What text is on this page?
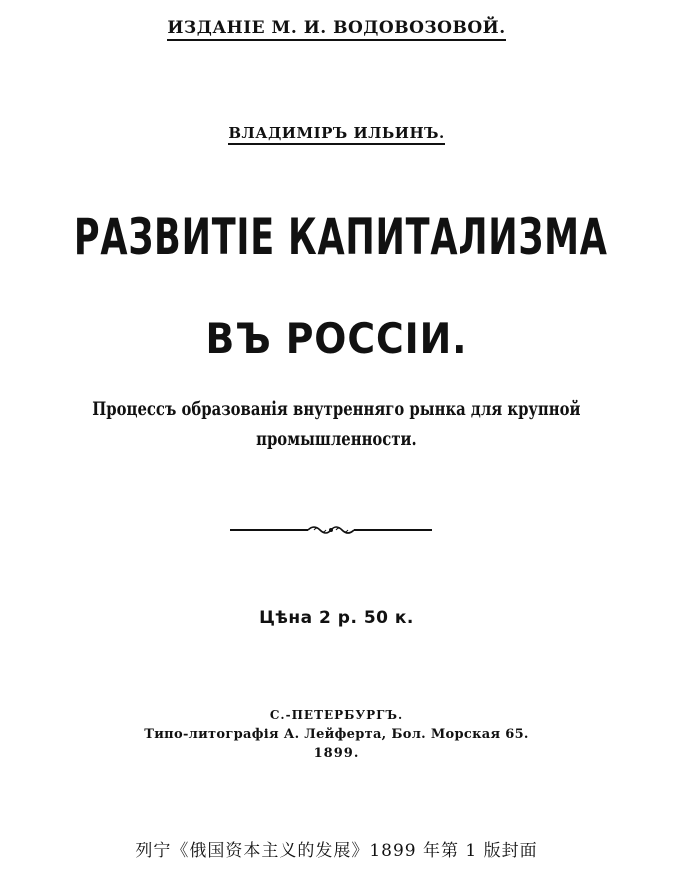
ИЗДАНІЕ М. И. ВОДОВОЗОВОЙ.
ВЛАДИМІРЪ ИЛЬИНЪ.
РАЗВИТІЕ КАПИТАЛИЗМА
ВЪ РОССІИ.
Процессъ образованія внутренняго рынка для крупной
промышленности.
Цѣна 2 р. 50 к.
С.-ПЕТЕРБУРГЪ.
Типо-литографія А. Лейферта, Бол. Морская 65.
1899.
列宁《俄国资本主义的发展》1899 年第 1 版封面
